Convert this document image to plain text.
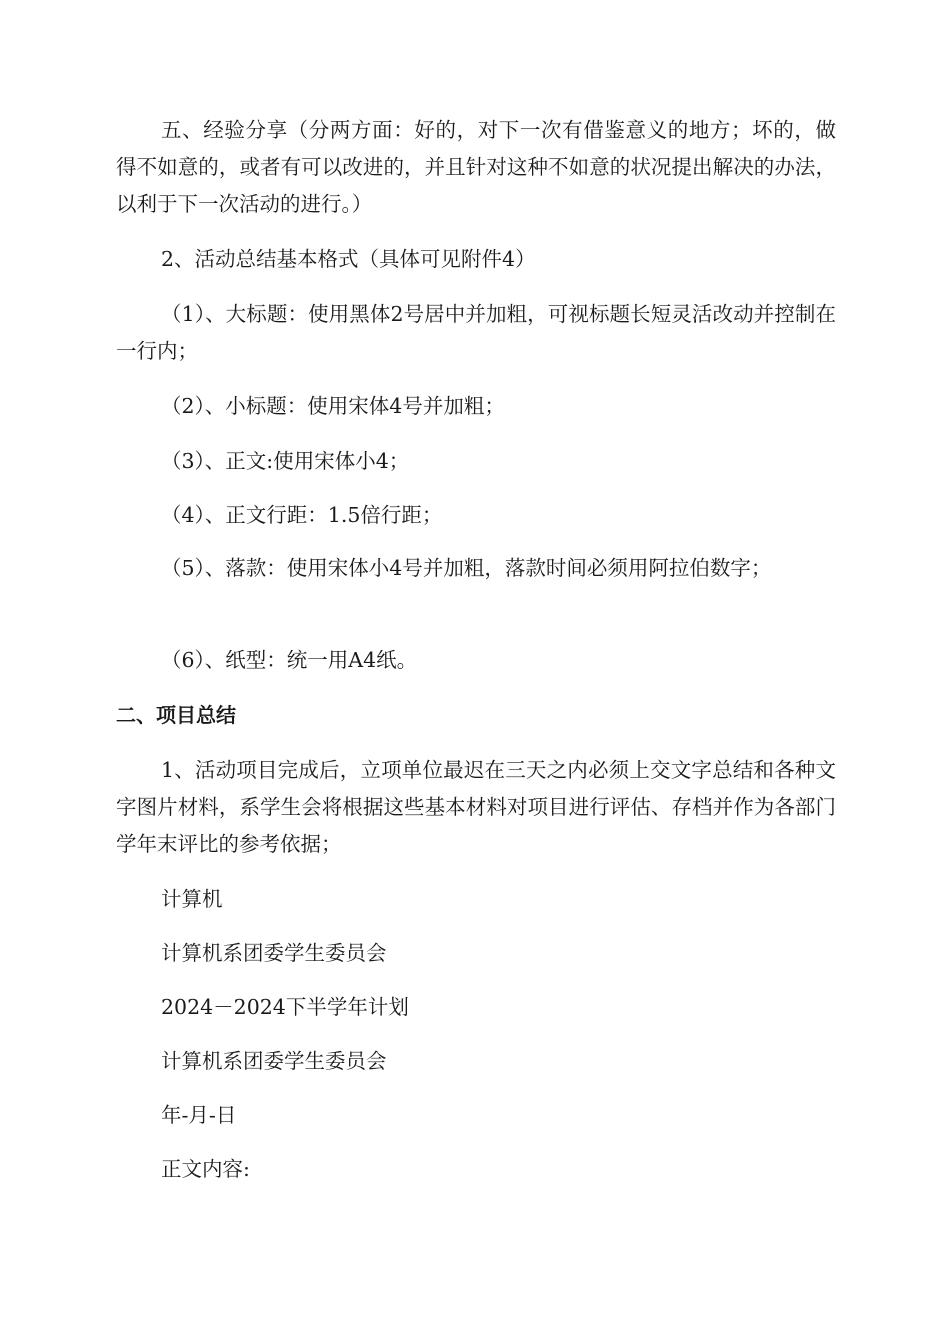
五、经验分享（分两方面：好的，对下一次有借鉴意义的地方；坏的，做得不如意的，或者有可以改进的，并且针对这种不如意的状况提出解决的办法，以利于下一次活动的进行。）

2、活动总结基本格式（具体可见附件4）

（1）、大标题：使用黑体2号居中并加粗，可视标题长短灵活改动并控制在一行内；

（2）、小标题：使用宋体4号并加粗；

（3）、正文:使用宋体小4；

（4）、正文行距：1.5倍行距；

（5）、落款：使用宋体小4号并加粗，落款时间必须用阿拉伯数字；

（6）、纸型：统一用A4纸。

二、项目总结

1、活动项目完成后，立项单位最迟在三天之内必须上交文字总结和各种文字图片材料，系学生会将根据这些基本材料对项目进行评估、存档并作为各部门学年末评比的参考依据；

计算机

计算机系团委学生委员会

2024－2024下半学年计划

计算机系团委学生委员会

年-月-日

正文内容:
